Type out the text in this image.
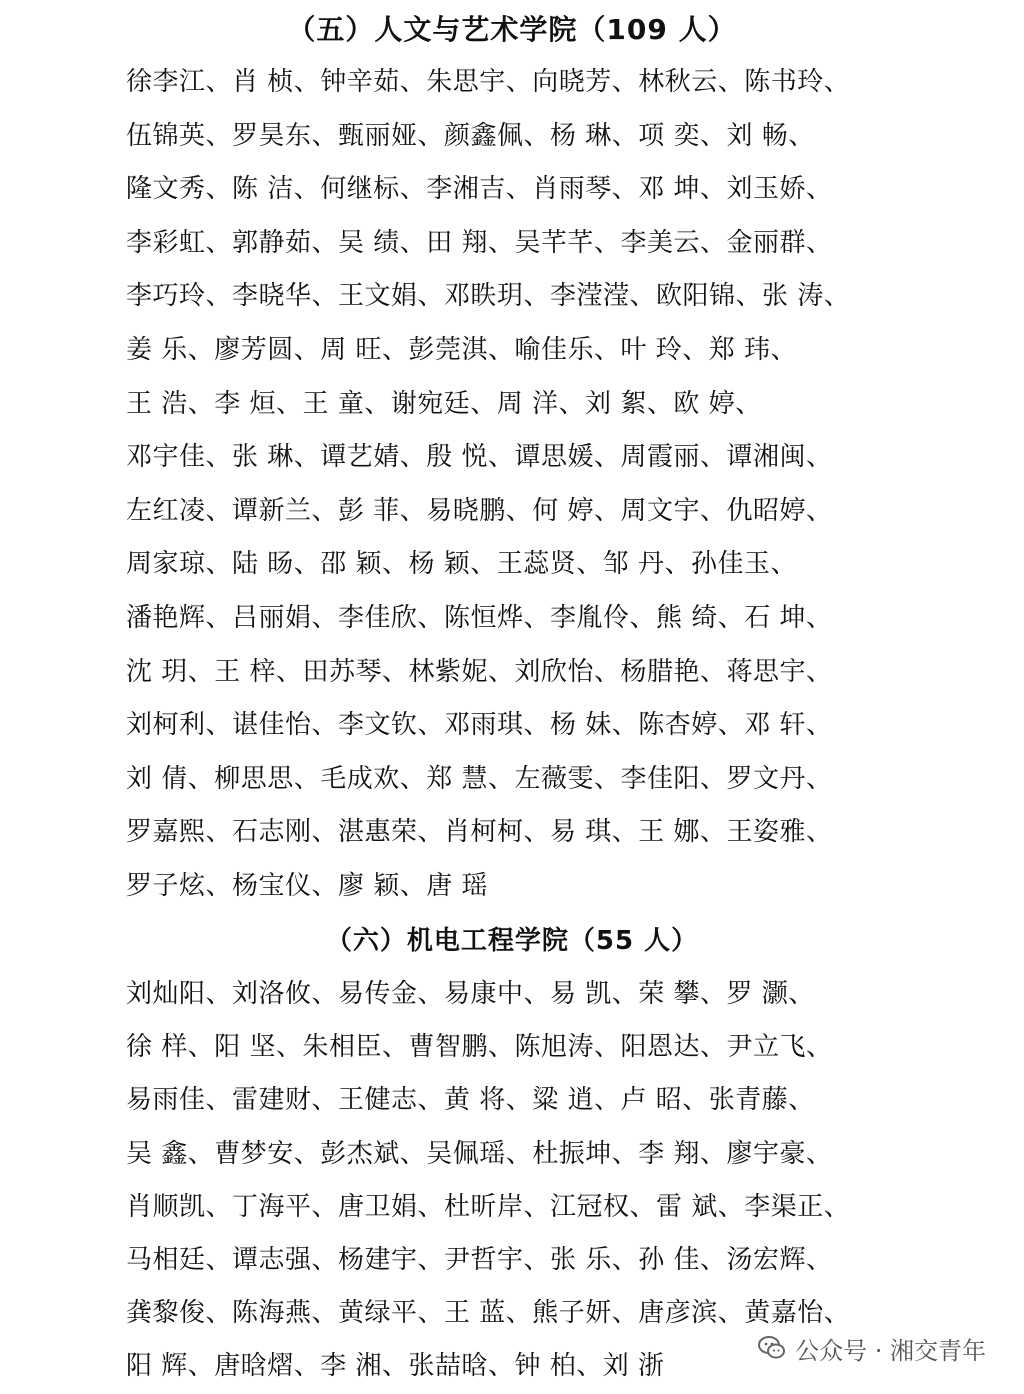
（五）人文与艺术学院（109 人）
徐李江、肖 桢、钟辛茹、朱思宇、向晓芳、林秋云、陈书玲、
伍锦英、罗昊东、甄丽娅、颜鑫佩、杨 琳、项 奕、刘 畅、
隆文秀、陈 洁、何继标、李湘吉、肖雨琴、邓 坤、刘玉娇、
李彩虹、郭静茹、吴 绩、田 翔、吴芊芊、李美云、金丽群、
李巧玲、李晓华、王文娟、邓眣玥、李滢滢、欧阳锦、张 涛、
姜 乐、廖芳圆、周 旺、彭莞淇、喻佳乐、叶 玲、郑 玮、
王 浩、李 烜、王 童、谢宛廷、周 洋、刘 絮、欧 婷、
邓宇佳、张 琳、谭艺婧、殷 悦、谭思媛、周霞丽、谭湘闽、
左红凌、谭新兰、彭 菲、易晓鹏、何 婷、周文宇、仇昭婷、
周家琼、陆 旸、邵 颖、杨 颖、王蕊贤、邹 丹、孙佳玉、
潘艳辉、吕丽娟、李佳欣、陈恒烨、李胤伶、熊 绮、石 坤、
沈 玥、王 梓、田苏琴、林紫妮、刘欣怡、杨腊艳、蒋思宇、
刘柯利、谌佳怡、李文钦、邓雨琪、杨 妹、陈杏婷、邓 轩、
刘 倩、柳思思、毛成欢、郑 慧、左薇雯、李佳阳、罗文丹、
罗嘉熙、石志刚、湛惠荣、肖柯柯、易 琪、王 娜、王姿雅、
罗子炫、杨宝仪、廖 颖、唐 瑶
（六）机电工程学院（55 人）
刘灿阳、刘洛攸、易传金、易康中、易 凯、荣 攀、罗 灏、
徐 样、阳 坚、朱相臣、曹智鹏、陈旭涛、阳恩达、尹立飞、
易雨佳、雷建财、王健志、黄 将、粱 逍、卢 昭、张青藤、
吴 鑫、曹梦安、彭杰斌、吴佩瑶、杜振坤、李 翔、廖宇豪、
肖顺凯、丁海平、唐卫娟、杜昕岸、江冠权、雷 斌、李渠正、
马相廷、谭志强、杨建宇、尹哲宇、张 乐、孙 佳、汤宏辉、
龚黎俊、陈海燕、黄绿平、王 蓝、熊子妍、唐彦滨、黄嘉怡、
阳 辉、唐晗熠、李 湘、张喆晗、钟 柏、刘 浙
公众号 · 湘交青年
